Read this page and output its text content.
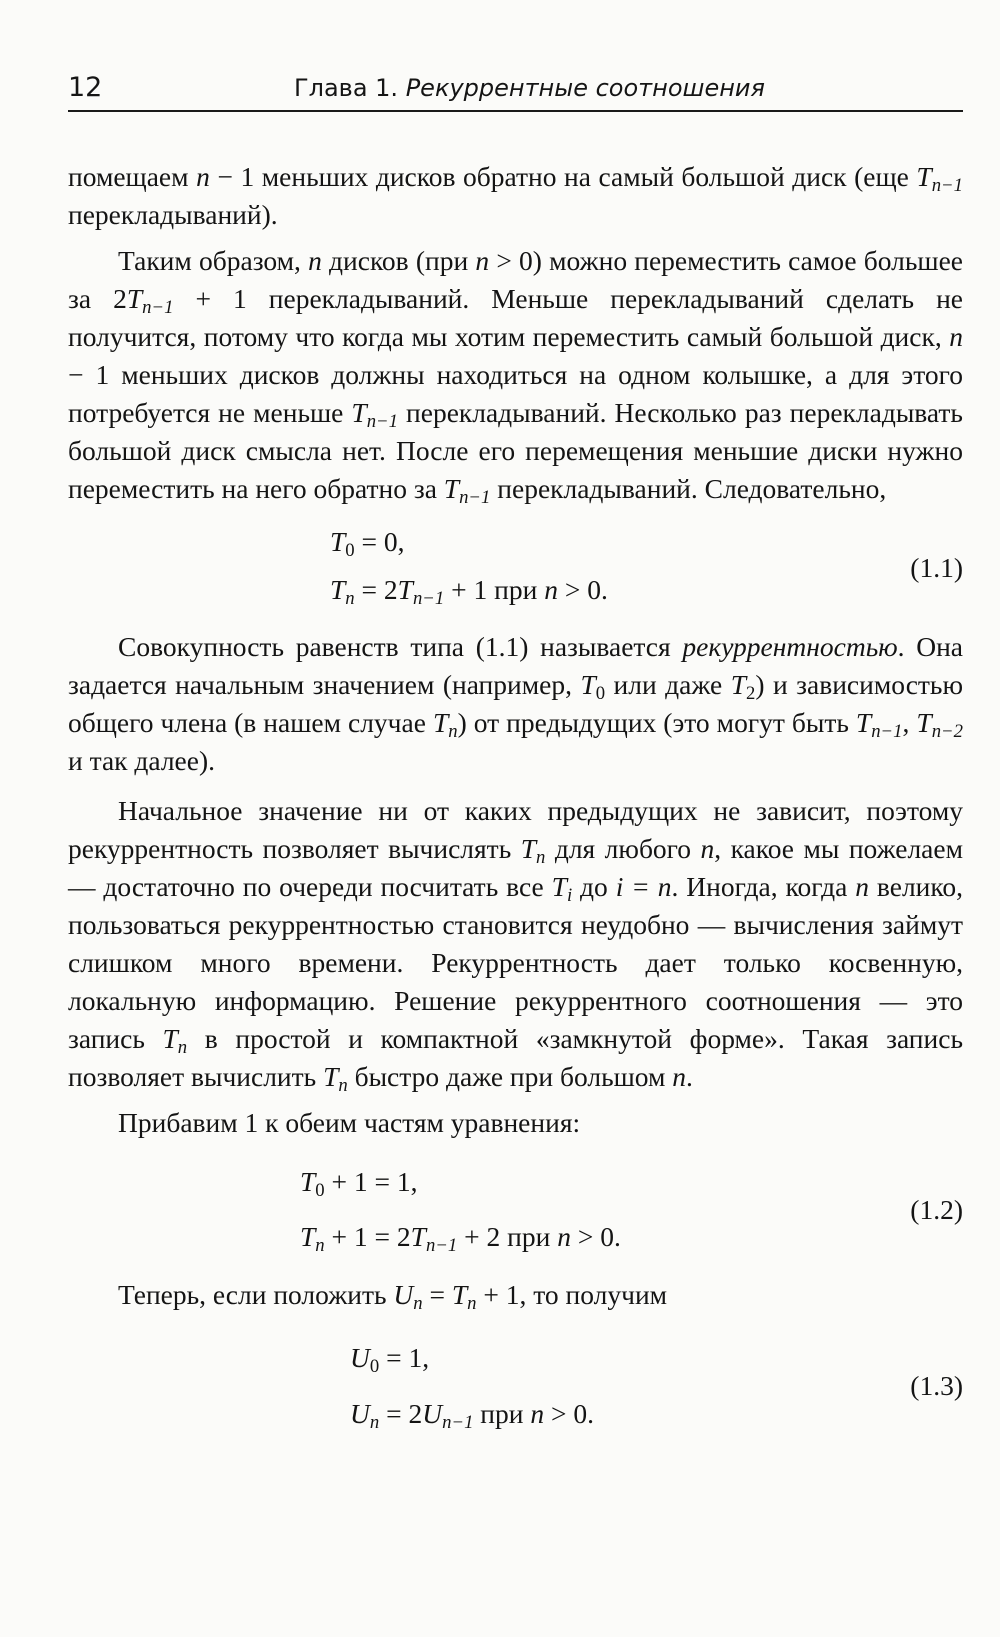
12	Глава 1. Рекуррентные соотношения

помещаем n − 1 меньших дисков обратно на самый большой диск (еще $T_{n-1}$ перекладываний).

Таким образом, n дисков (при n > 0) можно переместить самое большее за $2T_{n-1} + 1$ перекладываний. Меньше перекладываний сделать не получится, потому что когда мы хотим переместить самый большой диск, n − 1 меньших дисков должны находиться на одном колышке, а для этого потребуется не меньше $T_{n-1}$ перекладываний. Несколько раз перекладывать большой диск смысла нет. После его перемещения меньшие диски нужно переместить на него обратно за $T_{n-1}$ перекладываний. Следовательно,

$T_0 = 0$,
$T_n = 2T_{n-1} + 1$ при n > 0.
(1.1)

Совокупность равенств типа (1.1) называется рекуррентностью. Она задается начальным значением (например, $T_0$ или даже $T_2$) и зависимостью общего члена (в нашем случае $T_n$) от предыдущих (это могут быть $T_{n-1}$, $T_{n-2}$ и так далее).

Начальное значение ни от каких предыдущих не зависит, поэтому рекуррентность позволяет вычислять $T_n$ для любого n, какое мы пожелаем — достаточно по очереди посчитать все $T_i$ до i = n. Иногда, когда n велико, пользоваться рекуррентностью становится неудобно — вычисления займут слишком много времени. Рекуррентность дает только косвенную, локальную информацию. Решение рекуррентного соотношения — это запись $T_n$ в простой и компактной «замкнутой форме». Такая запись позволяет вычислить $T_n$ быстро даже при большом n.

Прибавим 1 к обеим частям уравнения:

$T_0 + 1 = 1$,
$T_n + 1 = 2T_{n-1} + 2$ при n > 0.
(1.2)

Теперь, если положить $U_n = T_n + 1$, то получим

$U_0 = 1$,
$U_n = 2U_{n-1}$ при n > 0.
(1.3)
